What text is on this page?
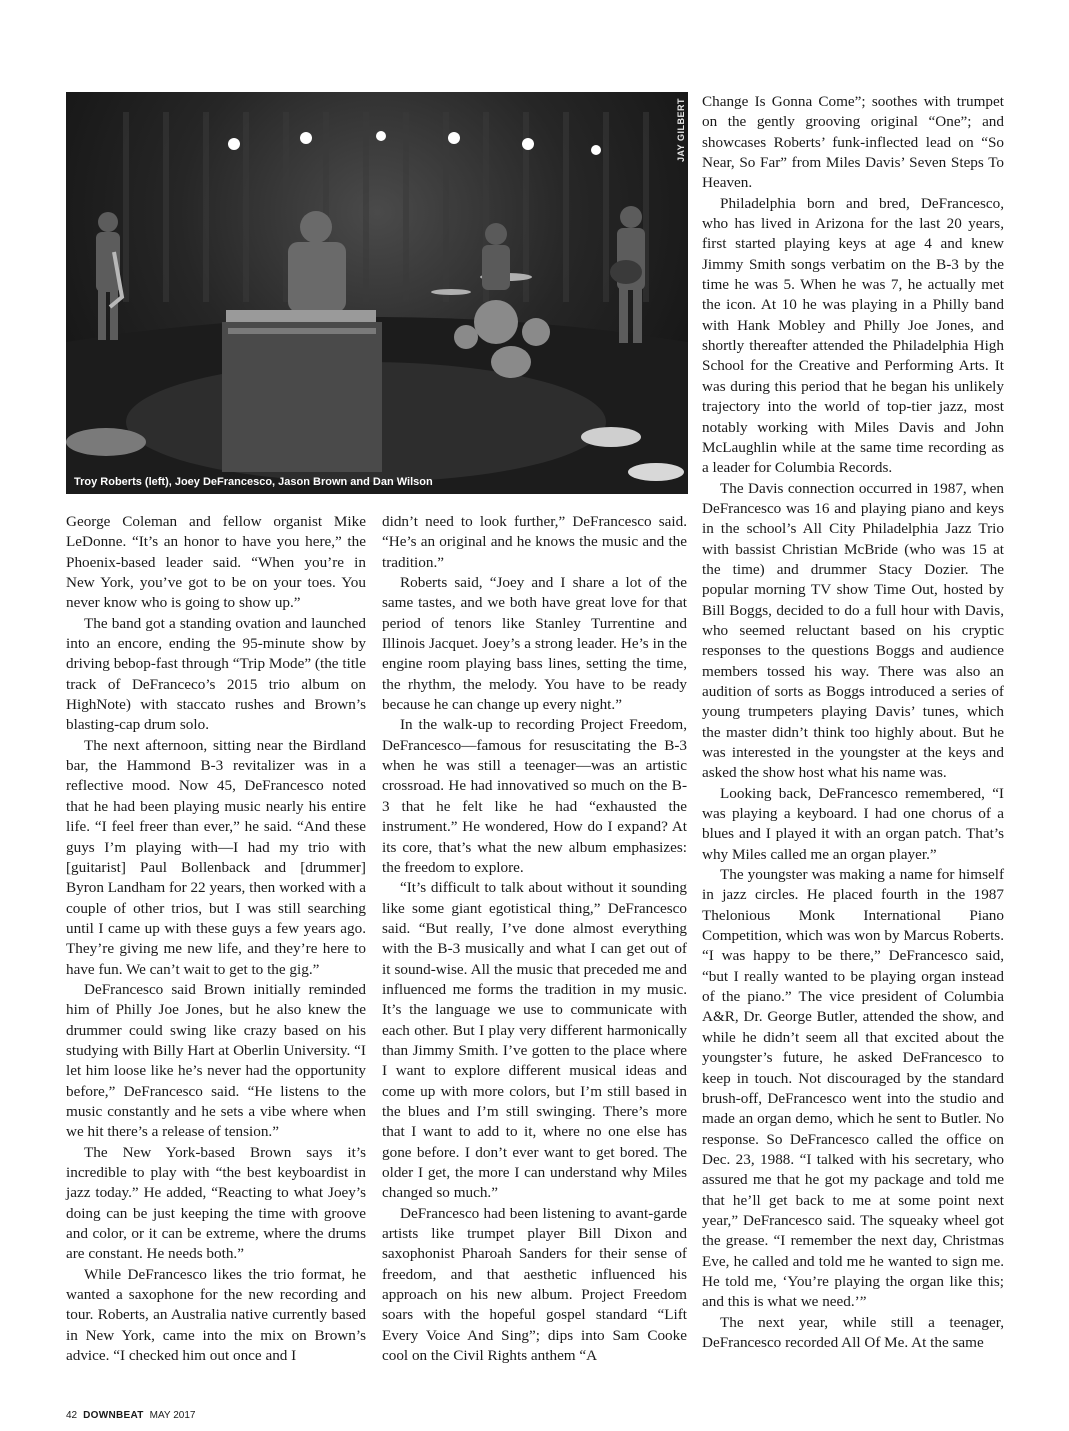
JAY GILBERT
Troy Roberts (left), Joey DeFrancesco, Jason Brown and Dan Wilson

George Coleman and fellow organist Mike LeDonne. “It’s an honor to have you here,” the Phoenix-based leader said. “When you’re in New York, you’ve got to be on your toes. You never know who is going to show up.”

The band got a standing ovation and launched into an encore, ending the 95-minute show by driving bebop-fast through “Trip Mode” (the title track of DeFranceco’s 2015 trio album on HighNote) with staccato rushes and Brown’s blasting-cap drum solo.

The next afternoon, sitting near the Birdland bar, the Hammond B-3 revitalizer was in a reflective mood. Now 45, DeFrancesco noted that he had been playing music nearly his entire life. “I feel freer than ever,” he said. “And these guys I’m playing with—I had my trio with [guitarist] Paul Bollenback and [drummer] Byron Landham for 22 years, then worked with a couple of other trios, but I was still searching until I came up with these guys a few years ago. They’re giving me new life, and they’re here to have fun. We can’t wait to get to the gig.”

DeFrancesco said Brown initially reminded him of Philly Joe Jones, but he also knew the drummer could swing like crazy based on his studying with Billy Hart at Oberlin University. “I let him loose like he’s never had the opportunity before,” DeFrancesco said. “He listens to the music constantly and he sets a vibe where when we hit there’s a release of tension.”

The New York-based Brown says it’s incredible to play with “the best keyboardist in jazz today.” He added, “Reacting to what Joey’s doing can be just keeping the time with groove and color, or it can be extreme, where the drums are constant. He needs both.”

While DeFrancesco likes the trio format, he wanted a saxophone for the new recording and tour. Roberts, an Australia native currently based in New York, came into the mix on Brown’s advice. “I checked him out once and I

didn’t need to look further,” DeFrancesco said. “He’s an original and he knows the music and the tradition.”

Roberts said, “Joey and I share a lot of the same tastes, and we both have great love for that period of tenors like Stanley Turrentine and Illinois Jacquet. Joey’s a strong leader. He’s in the engine room playing bass lines, setting the time, the rhythm, the melody. You have to be ready because he can change up every night.”

In the walk-up to recording Project Freedom, DeFrancesco—famous for resuscitating the B-3 when he was still a teenager—was an artistic crossroad. He had innovatived so much on the B-3 that he felt like he had “exhausted the instrument.” He wondered, How do I expand? At its core, that’s what the new album emphasizes: the freedom to explore.

“It’s difficult to talk about without it sounding like some giant egotistical thing,” DeFrancesco said. “But really, I’ve done almost everything with the B-3 musically and what I can get out of it sound-wise. All the music that preceded me and influenced me forms the tradition in my music. It’s the language we use to communicate with each other. But I play very different harmonically than Jimmy Smith. I’ve gotten to the place where I want to explore different musical ideas and come up with more colors, but I’m still based in the blues and I’m still swinging. There’s more that I want to add to it, where no one else has gone before. I don’t ever want to get bored. The older I get, the more I can understand why Miles changed so much.”

DeFrancesco had been listening to avant-garde artists like trumpet player Bill Dixon and saxophonist Pharoah Sanders for their sense of freedom, and that aesthetic influenced his approach on his new album. Project Freedom soars with the hopeful gospel standard “Lift Every Voice And Sing”; dips into Sam Cooke cool on the Civil Rights anthem “A

Change Is Gonna Come”; soothes with trumpet on the gently grooving original “One”; and showcases Roberts’ funk-inflected lead on “So Near, So Far” from Miles Davis’ Seven Steps To Heaven.

Philadelphia born and bred, DeFrancesco, who has lived in Arizona for the last 20 years, first started playing keys at age 4 and knew Jimmy Smith songs verbatim on the B-3 by the time he was 5. When he was 7, he actually met the icon. At 10 he was playing in a Philly band with Hank Mobley and Philly Joe Jones, and shortly thereafter attended the Philadelphia High School for the Creative and Performing Arts. It was during this period that he began his unlikely trajectory into the world of top-tier jazz, most notably working with Miles Davis and John McLaughlin while at the same time recording as a leader for Columbia Records.

The Davis connection occurred in 1987, when DeFrancesco was 16 and playing piano and keys in the school’s All City Philadelphia Jazz Trio with bassist Christian McBride (who was 15 at the time) and drummer Stacy Dozier. The popular morning TV show Time Out, hosted by Bill Boggs, decided to do a full hour with Davis, who seemed reluctant based on his cryptic responses to the questions Boggs and audience members tossed his way. There was also an audition of sorts as Boggs introduced a series of young trumpeters playing Davis’ tunes, which the master didn’t think too highly about. But he was interested in the youngster at the keys and asked the show host what his name was.

Looking back, DeFrancesco remembered, “I was playing a keyboard. I had one chorus of a blues and I played it with an organ patch. That’s why Miles called me an organ player.”

The youngster was making a name for himself in jazz circles. He placed fourth in the 1987 Thelonious Monk International Piano Competition, which was won by Marcus Roberts. “I was happy to be there,” DeFrancesco said, “but I really wanted to be playing organ instead of the piano.” The vice president of Columbia A&R, Dr. George Butler, attended the show, and while he didn’t seem all that excited about the youngster’s future, he asked DeFrancesco to keep in touch. Not discouraged by the standard brush-off, DeFrancesco went into the studio and made an organ demo, which he sent to Butler. No response. So DeFrancesco called the office on Dec. 23, 1988. “I talked with his secretary, who assured me that he got my package and told me that he’ll get back to me at some point next year,” DeFrancesco said. The squeaky wheel got the grease. “I remember the next day, Christmas Eve, he called and told me he wanted to sign me. He told me, ‘You’re playing the organ like this; and this is what we need.’”

The next year, while still a teenager, DeFrancesco recorded All Of Me. At the same

42 DOWNBEAT MAY 2017
